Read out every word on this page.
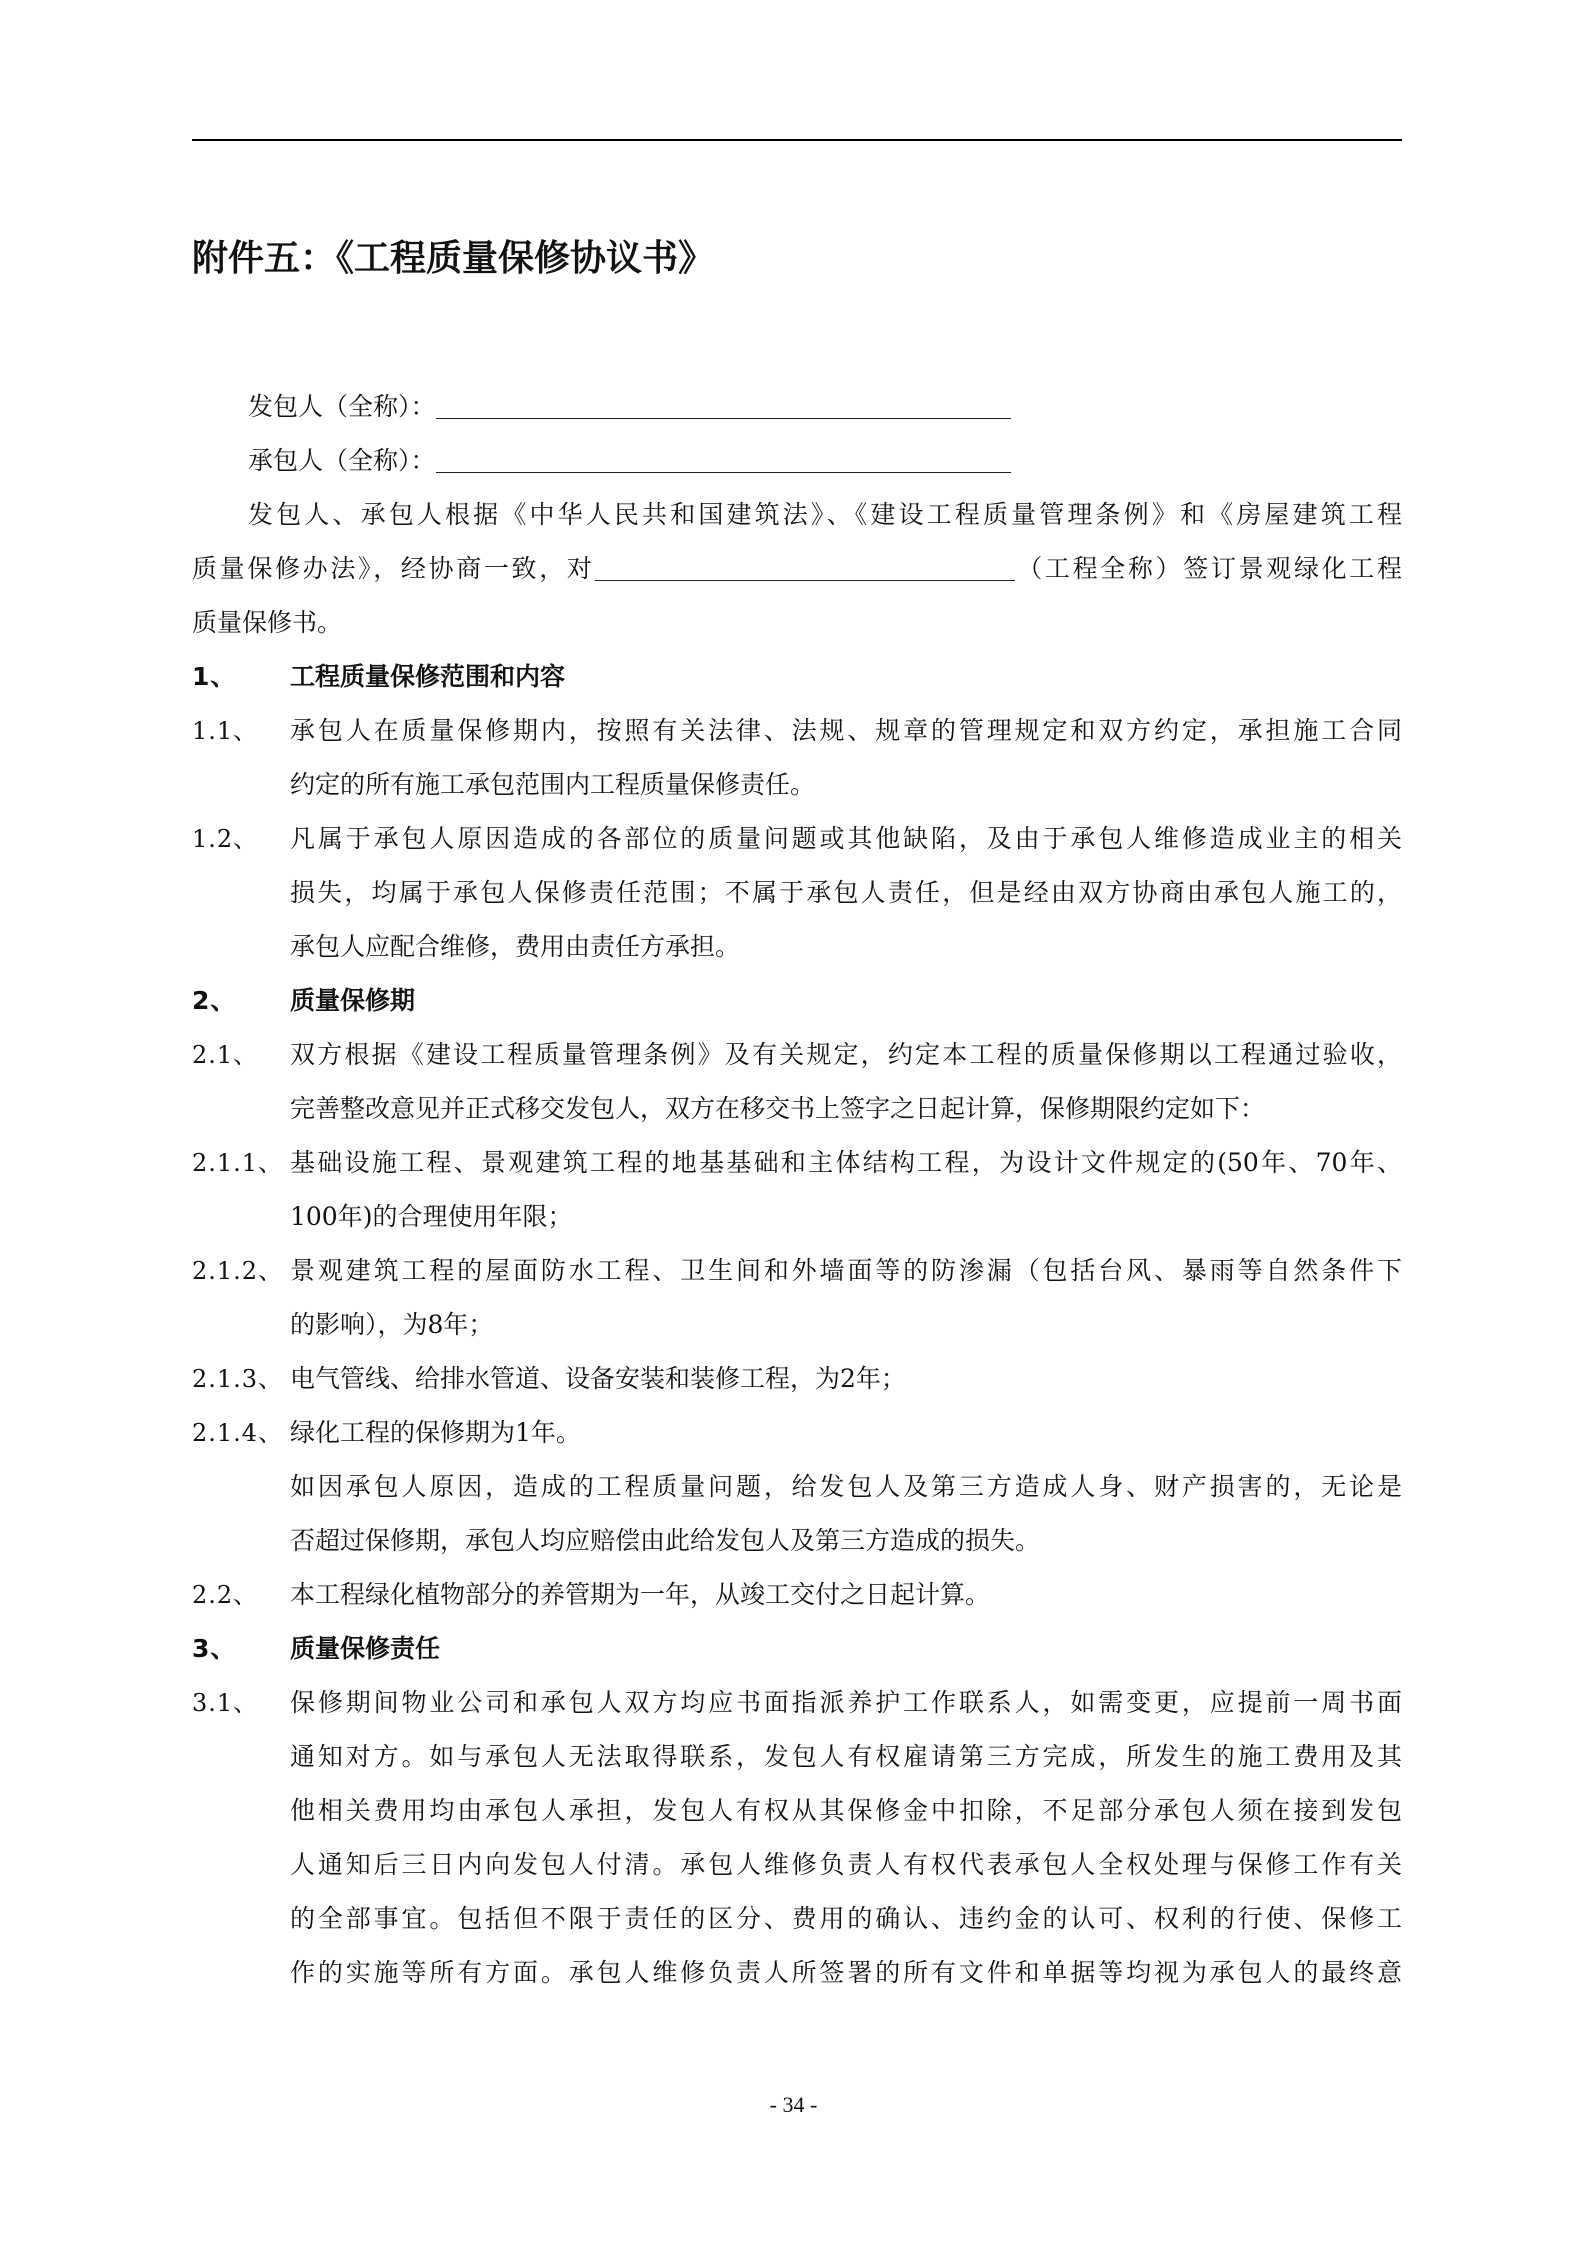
附件五：《工程质量保修协议书》
发包人（全称）：
承包人（全称）：
发包人、承包人根据《中华人民共和国建筑法》、《建设工程质量管理条例》和《房屋建筑工程
质量保修办法》，经协商一致，对	（工程全称）签订景观绿化工程
质量保修书。
1、 工程质量保修范围和内容
1.1、 承包人在质量保修期内，按照有关法律、法规、规章的管理规定和双方约定，承担施工合同
约定的所有施工承包范围内工程质量保修责任。
1.2、 凡属于承包人原因造成的各部位的质量问题或其他缺陷，及由于承包人维修造成业主的相关
损失，均属于承包人保修责任范围；不属于承包人责任，但是经由双方协商由承包人施工的，
承包人应配合维修，费用由责任方承担。
2、 质量保修期
2.1、 双方根据《建设工程质量管理条例》及有关规定，约定本工程的质量保修期以工程通过验收，
完善整改意见并正式移交发包人，双方在移交书上签字之日起计算，保修期限约定如下：
2.1.1、 基础设施工程、景观建筑工程的地基基础和主体结构工程，为设计文件规定的(50年、70年、
100年)的合理使用年限；
2.1.2、 景观建筑工程的屋面防水工程、卫生间和外墙面等的防渗漏（包括台风、暴雨等自然条件下
的影响），为8年；
2.1.3、 电气管线、给排水管道、设备安装和装修工程，为2年；
2.1.4、 绿化工程的保修期为1年。
如因承包人原因，造成的工程质量问题，给发包人及第三方造成人身、财产损害的，无论是
否超过保修期，承包人均应赔偿由此给发包人及第三方造成的损失。
2.2、 本工程绿化植物部分的养管期为一年，从竣工交付之日起计算。
3、 质量保修责任
3.1、 保修期间物业公司和承包人双方均应书面指派养护工作联系人，如需变更，应提前一周书面
通知对方。如与承包人无法取得联系，发包人有权雇请第三方完成，所发生的施工费用及其
他相关费用均由承包人承担，发包人有权从其保修金中扣除，不足部分承包人须在接到发包
人通知后三日内向发包人付清。承包人维修负责人有权代表承包人全权处理与保修工作有关
的全部事宜。包括但不限于责任的区分、费用的确认、违约金的认可、权利的行使、保修工
作的实施等所有方面。承包人维修负责人所签署的所有文件和单据等均视为承包人的最终意
- 34 -
